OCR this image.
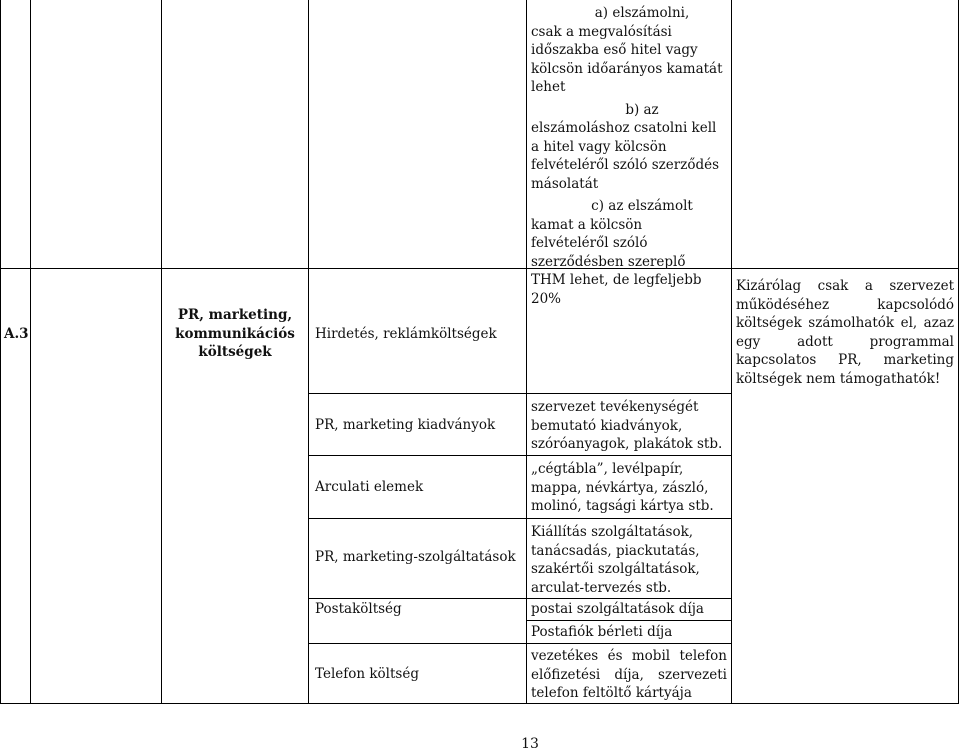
a) elszámolni,

csak a megvalósítási időszakba eső hitel vagy kölcsön időarányos kamatát lehet

b) az

elszámoláshoz csatolni kell a hitel vagy kölcsön felvételéről szóló szerződés másolatát

c) az elszámolt

kamat a kölcsön felvételéről szóló szerződésben szereplő THM lehet, de legfeljebb 20%

A.3
PR, marketing, kommunikációs költségek
Kizárólag csak a szervezet működéséhez kapcsolódó költségek számolhatók el, azaz egy adott programmal kapcsolatos PR, marketing költségek nem támogathatók!
Hirdetés, reklámköltségek
PR, marketing kiadványok
szervezet tevékenységét bemutató kiadványok, szóróanyagok, plakátok stb.
Arculati elemek
„cégtábla”, levélpapír, mappa, névkártya, zászló, molinó, tagsági kártya stb.
PR, marketing-szolgáltatások
Kiállítás szolgáltatások, tanácsadás, piackutatás, szakértői szolgáltatások, arculat-tervezés stb.
Postaköltség	postai szolgáltatások díja
Postafiók bérleti díja
Telefon költség
vezetékes és mobil telefon előfizetési díja, szervezeti telefon feltöltő kártyája
13
